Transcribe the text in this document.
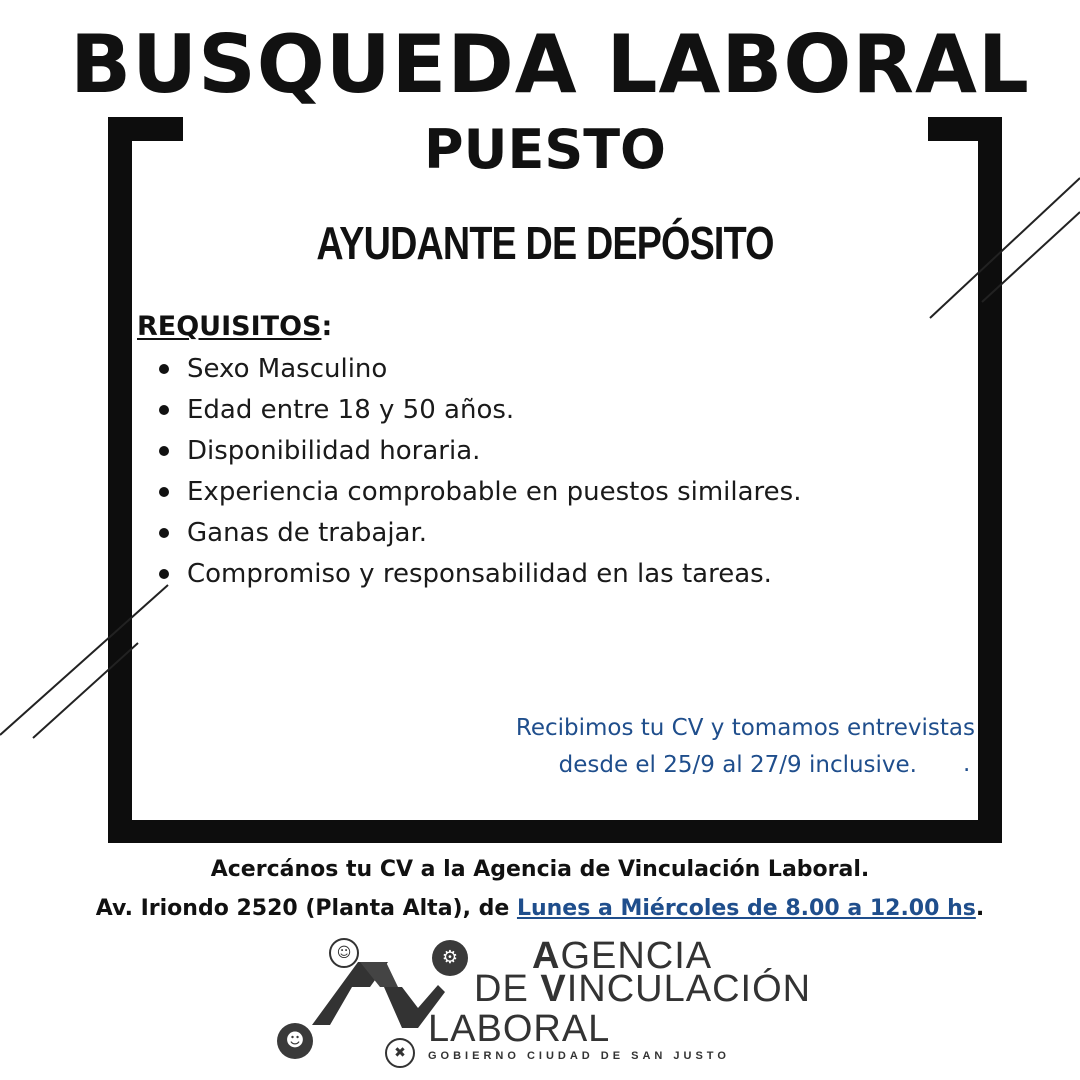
BUSQUEDA LABORAL
PUESTO
AYUDANTE DE DEPÓSITO
REQUISITOS:
Sexo Masculino
Edad entre 18 y 50 años.
Disponibilidad horaria.
Experiencia comprobable en puestos similares.
Ganas de trabajar.
Compromiso y responsabilidad en las tareas.
Recibimos tu CV y tomamos entrevistas
desde el 25/9 al 27/9 inclusive.	.
Acercános tu CV a la Agencia de Vinculación Laboral.
Av. Iriondo 2520 (Planta Alta), de Lunes a Miércoles de 8.00 a 12.00 hs.
☺	⚙
☻
✖
AGENCIA
DE VINCULACIÓN
LABORAL
GOBIERNO CIUDAD DE SAN JUSTO
